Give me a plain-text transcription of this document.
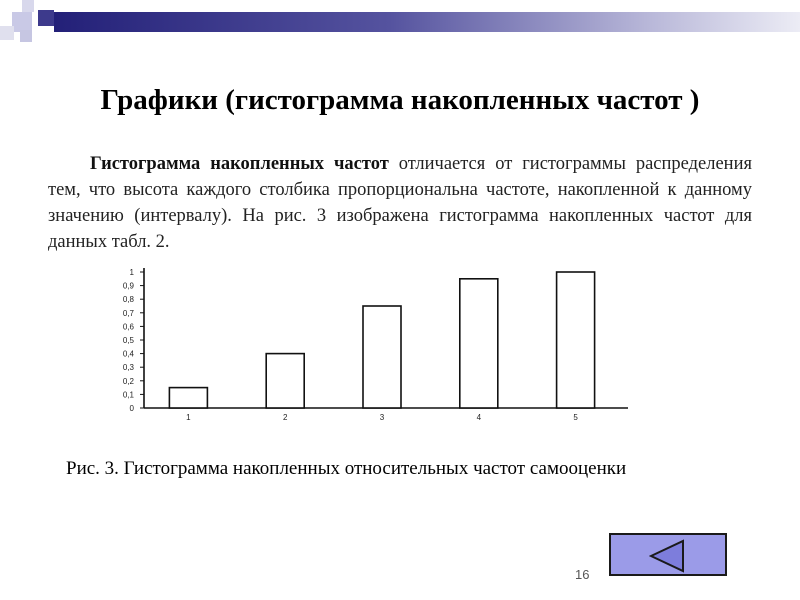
Графики (гистограмма накопленных частот )
Гистограмма накопленных частот отличается от гистограммы распределения тем, что высота каждого столбика пропорциональна частоте, накопленной к данному значению (интервалу). На рис. 3 изображена гистограмма накопленных частот для данных табл. 2.
0
0,1
0,2
0,3
0,4
0,5
0,6
0,7
0,8
0,9
1
1	2	3	4	5
Рис. 3. Гистограмма накопленных относительных частот самооценки
16
